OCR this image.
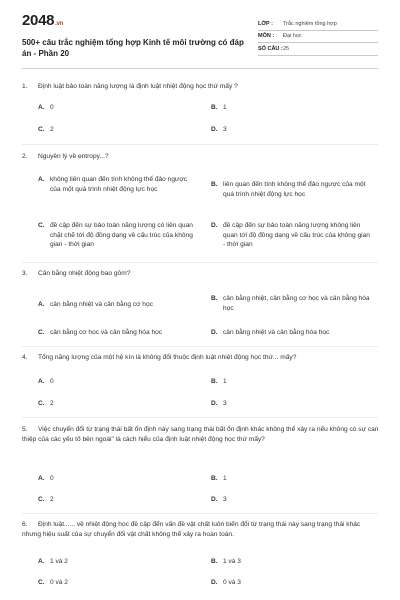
2048.vn
500+ câu trắc nghiệm tổng hợp Kinh tế môi trường có đáp án - Phần 20
LỚP :	Trắc nghiệm tổng hợp
MÔN :	Đại học
SỐ CÂU : 25
1. Định luật bảo toàn năng lượng là định luật nhiệt động học thứ mấy ?
A. 0	B. 1
C. 2	D. 3
2. Nguyên lý về entropy...?
A. không liên quan đến tính không thể đảo ngược của một quá trình nhiệt động lực học
B. liên quan đến tính không thể đảo ngược của một quá trình nhiệt động lực học
C. đề cập đến sự bảo toàn năng lượng có liên quan chặt chẽ tới độ đồng dạng về cấu trúc của không gian - thời gian
D. đề cập đến sự bảo toàn năng lượng không liên quan tới độ đồng dạng về cấu trúc của không gian - thời gian
3. Cân bằng nhiệt động bao gồm?
A. cân bằng nhiệt và cân bằng cơ học
B. cân bằng nhiệt, cân bằng cơ học và cân bằng hóa học
C. cân bằng cơ học và cân bằng hóa học	D. cân bằng nhiệt và cân bằng hóa học
4. Tổng năng lượng của một hệ kín là không đổi thuộc định luật nhiệt động học thứ... mấy?
A. 0	B. 1
C. 2	D. 3
5. Việc chuyển đổi từ trạng thái bất ổn định này sang trạng thái bất ổn định khác không thể xảy ra nếu không có sự can thiệp của các yếu tố bên ngoài" là cách hiểu của định luật nhiệt động học thứ mấy?
A. 0	B. 1
C. 2	D. 3
6. Định luật...... về nhiệt động học đề cập đến vấn đề vật chất luôn biến đổi từ trạng thái này sang trạng thái khác nhưng hiệu suất của sự chuyển đổi vật chất không thể xảy ra hoàn toàn.
A. 1 và 2	B. 1 và 3
C. 0 và 2	D. 0 và 3
